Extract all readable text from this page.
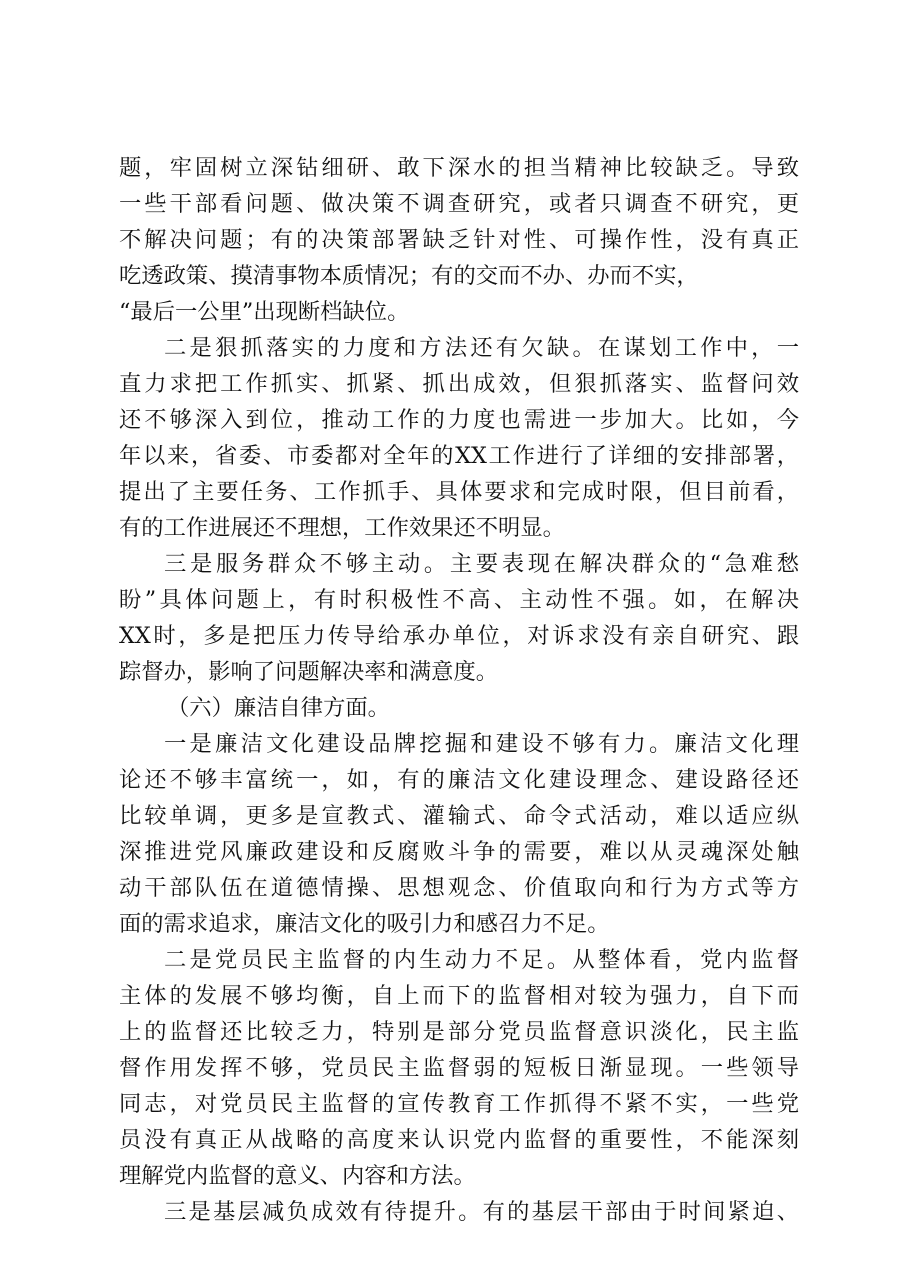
题，牢固树立深钻细研、敢下深水的担当精神比较缺乏。导致
一些干部看问题、做决策不调查研究，或者只调查不研究，更
不解决问题；有的决策部署缺乏针对性、可操作性，没有真正
吃透政策、摸清事物本质情况；有的交而不办、办而不实，
“最后一公里”出现断档缺位。
二是狠抓落实的力度和方法还有欠缺。在谋划工作中，一
直力求把工作抓实、抓紧、抓出成效，但狠抓落实、监督问效
还不够深入到位，推动工作的力度也需进一步加大。比如，今
年以来，省委、市委都对全年的XX工作进行了详细的安排部署，
提出了主要任务、工作抓手、具体要求和完成时限，但目前看，
有的工作进展还不理想，工作效果还不明显。
三是服务群众不够主动。主要表现在解决群众的“急难愁
盼”具体问题上，有时积极性不高、主动性不强。如，在解决
XX时，多是把压力传导给承办单位，对诉求没有亲自研究、跟
踪督办，影响了问题解决率和满意度。
（六）廉洁自律方面。
一是廉洁文化建设品牌挖掘和建设不够有力。廉洁文化理
论还不够丰富统一，如，有的廉洁文化建设理念、建设路径还
比较单调，更多是宣教式、灌输式、命令式活动，难以适应纵
深推进党风廉政建设和反腐败斗争的需要，难以从灵魂深处触
动干部队伍在道德情操、思想观念、价值取向和行为方式等方
面的需求追求，廉洁文化的吸引力和感召力不足。
二是党员民主监督的内生动力不足。从整体看，党内监督
主体的发展不够均衡，自上而下的监督相对较为强力，自下而
上的监督还比较乏力，特别是部分党员监督意识淡化，民主监
督作用发挥不够，党员民主监督弱的短板日渐显现。一些领导
同志，对党员民主监督的宣传教育工作抓得不紧不实，一些党
员没有真正从战略的高度来认识党内监督的重要性，不能深刻
理解党内监督的意义、内容和方法。
三是基层减负成效有待提升。有的基层干部由于时间紧迫、
